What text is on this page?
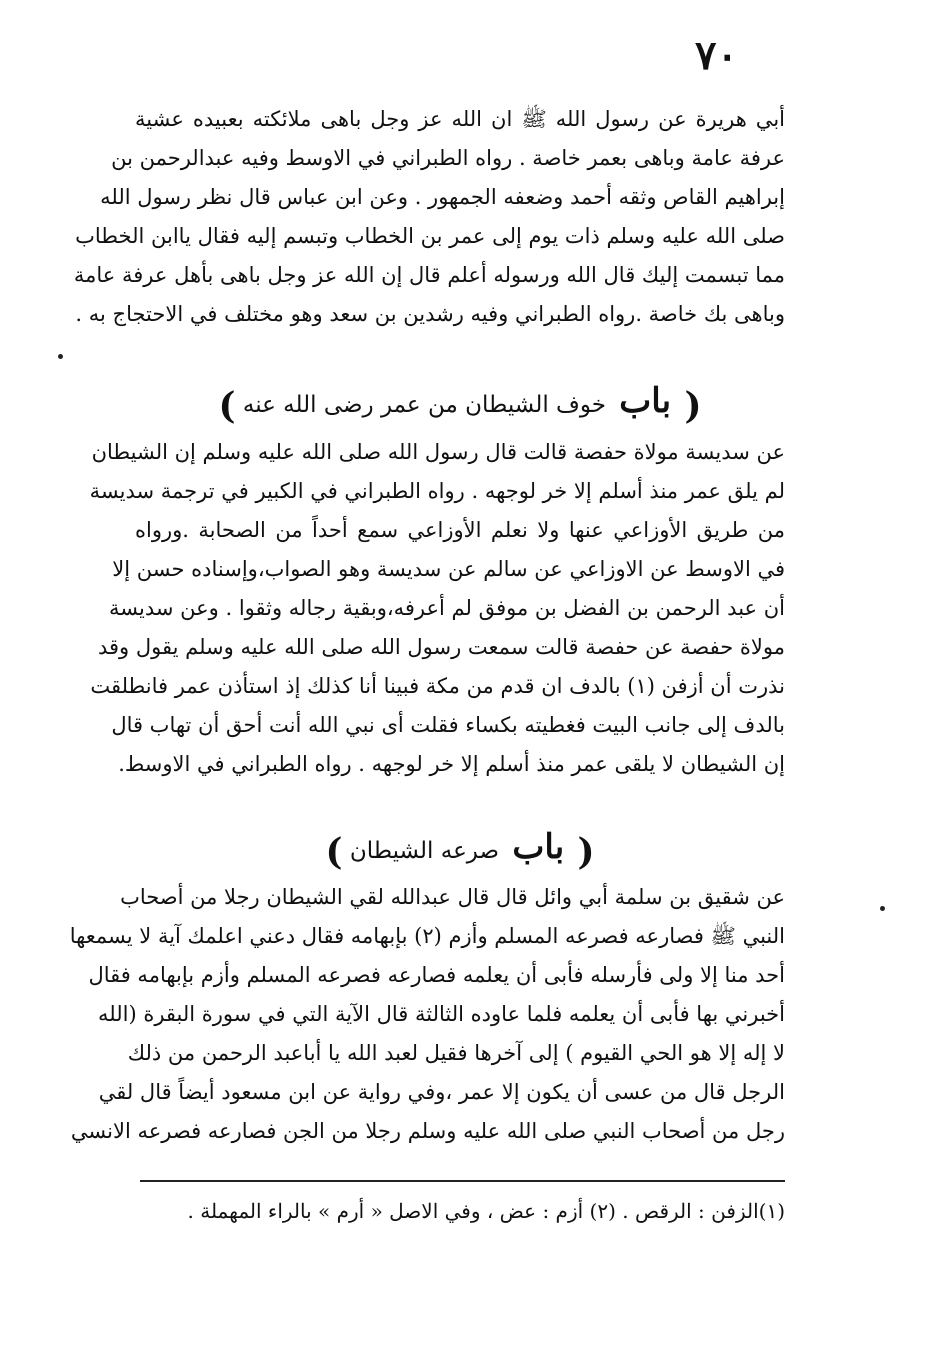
٧٠
أبي هريرة عن رسول الله ﷺ ان الله عز وجل باهى ملائكته بعبيده عشية
عرفة عامة وباهى بعمر خاصة . رواه الطبراني في الاوسط وفيه عبدالرحمن بن
إبراهيم القاص وثقه أحمد وضعفه الجمهور . وعن ابن عباس قال نظر رسول الله
صلى الله عليه وسلم ذات يوم إلى عمر بن الخطاب وتبسم إليه فقال ياابن الخطاب
مما تبسمت إليك قال الله ورسوله أعلم قال إن الله عز وجل باهى بأهل عرفة عامة
وباهى بك خاصة .رواه الطبراني وفيه رشدين بن سعد وهو مختلف في الاحتجاج به .
( باب خوف الشيطان من عمر رضى الله عنه )
عن سديسة مولاة حفصة قالت قال رسول الله صلى الله عليه وسلم إن الشيطان
لم يلق عمر منذ أسلم إلا خر لوجهه . رواه الطبراني في الكبير في ترجمة سديسة
من طريق الأوزاعي عنها ولا نعلم الأوزاعي سمع أحداً من الصحابة .ورواه
في الاوسط عن الاوزاعي عن سالم عن سديسة وهو الصواب،وإسناده حسن إلا
أن عبد الرحمن بن الفضل بن موفق لم أعرفه،وبقية رجاله وثقوا . وعن سديسة
مولاة حفصة عن حفصة قالت سمعت رسول الله صلى الله عليه وسلم يقول وقد
نذرت أن أزفن (١) بالدف ان قدم من مكة فبينا أنا كذلك إذ استأذن عمر فانطلقت
بالدف إلى جانب البيت فغطيته بكساء فقلت أى نبي الله أنت أحق أن تهاب قال
إن الشيطان لا يلقى عمر منذ أسلم إلا خر لوجهه . رواه الطبراني في الاوسط.
( باب صرعه الشيطان )
عن شقيق بن سلمة أبي وائل قال قال عبدالله لقي الشيطان رجلا من أصحاب
النبي ﷺ فصارعه فصرعه المسلم وأزم (٢) بإبهامه فقال دعني اعلمك آية لا يسمعها
أحد منا إلا ولى فأرسله فأبى أن يعلمه فصارعه فصرعه المسلم وأزم بإبهامه فقال
أخبرني بها فأبى أن يعلمه فلما عاوده الثالثة قال الآية التي في سورة البقرة (الله
لا إله إلا هو الحي القيوم ) إلى آخرها فقيل لعبد الله يا أباعبد الرحمن من ذلك
الرجل قال من عسى أن يكون إلا عمر ،وفي رواية عن ابن مسعود أيضاً قال لقي
رجل من أصحاب النبي صلى الله عليه وسلم رجلا من الجن فصارعه فصرعه الانسي
(١)الزفن : الرقص . (٢) أزم : عض ، وفي الاصل « أرم » بالراء المهملة .
